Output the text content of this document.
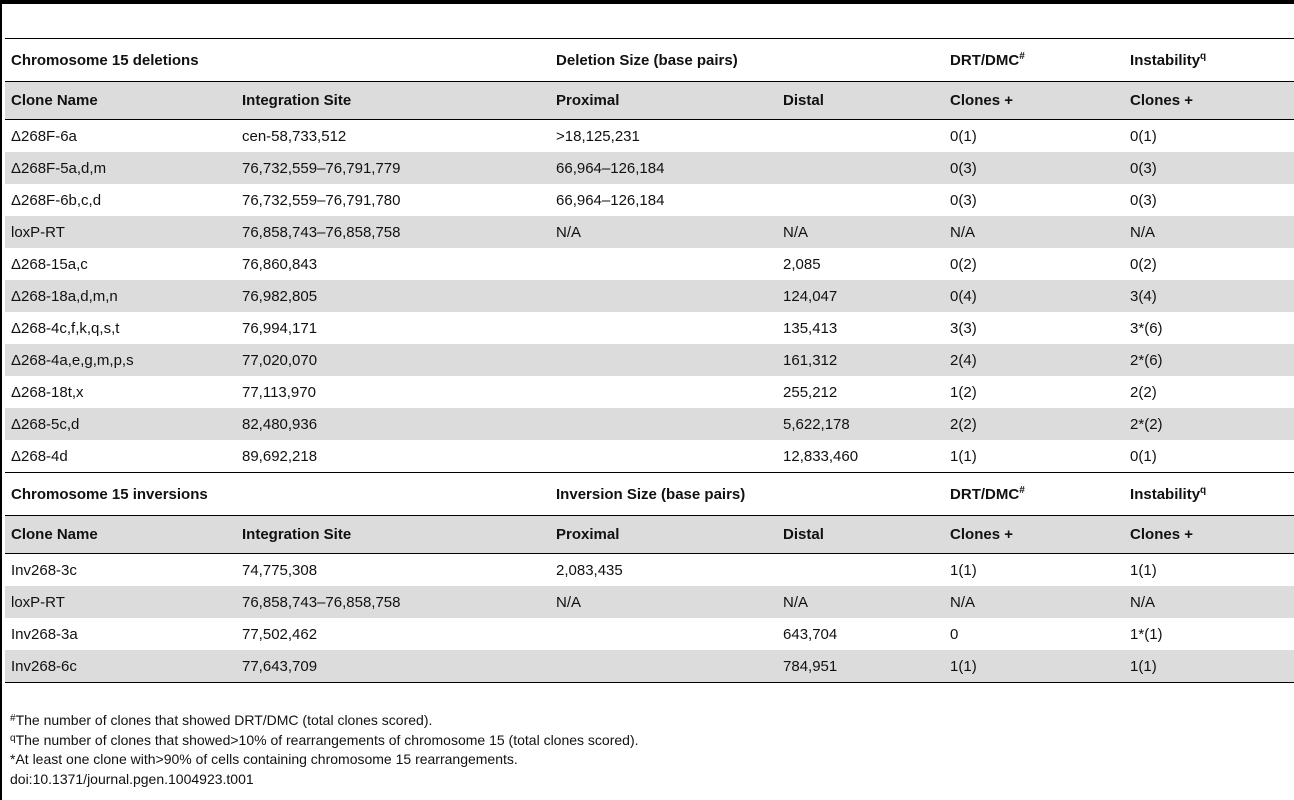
Chromosome 15 deletions		Deletion Size (base pairs)		DRT/DMC#	Instability$^q$
Clone Name	Integration Site	Proximal	Distal	Clones +	Clones +
Δ268F-6a	cen-58,733,512	>18,125,231		0(1)	0(1)
Δ268F-5a,d,m	76,732,559–76,791,779	66,964–126,184		0(3)	0(3)
Δ268F-6b,c,d	76,732,559–76,791,780	66,964–126,184		0(3)	0(3)
loxP-RT	76,858,743–76,858,758	N/A	N/A	N/A	N/A
Δ268-15a,c	76,860,843		2,085	0(2)	0(2)
Δ268-18a,d,m,n	76,982,805		124,047	0(4)	3(4)
Δ268-4c,f,k,q,s,t	76,994,171		135,413	3(3)	3*(6)
Δ268-4a,e,g,m,p,s	77,020,070		161,312	2(4)	2*(6)
Δ268-18t,x	77,113,970		255,212	1(2)	2(2)
Δ268-5c,d	82,480,936		5,622,178	2(2)	2*(2)
Δ268-4d	89,692,218		12,833,460	1(1)	0(1)
Chromosome 15 inversions		Inversion Size (base pairs)		DRT/DMC#	Instability$^q$
Clone Name	Integration Site	Proximal	Distal	Clones +	Clones +
Inv268-3c	74,775,308	2,083,435		1(1)	1(1)
loxP-RT	76,858,743–76,858,758	N/A	N/A	N/A	N/A
Inv268-3a	77,502,462		643,704	0	1*(1)
Inv268-6c	77,643,709		784,951	1(1)	1(1)
#The number of clones that showed DRT/DMC (total clones scored).
$^q$The number of clones that showed>10% of rearrangements of chromosome 15 (total clones scored).
*At least one clone with>90% of cells containing chromosome 15 rearrangements.
doi:10.1371/journal.pgen.1004923.t001
